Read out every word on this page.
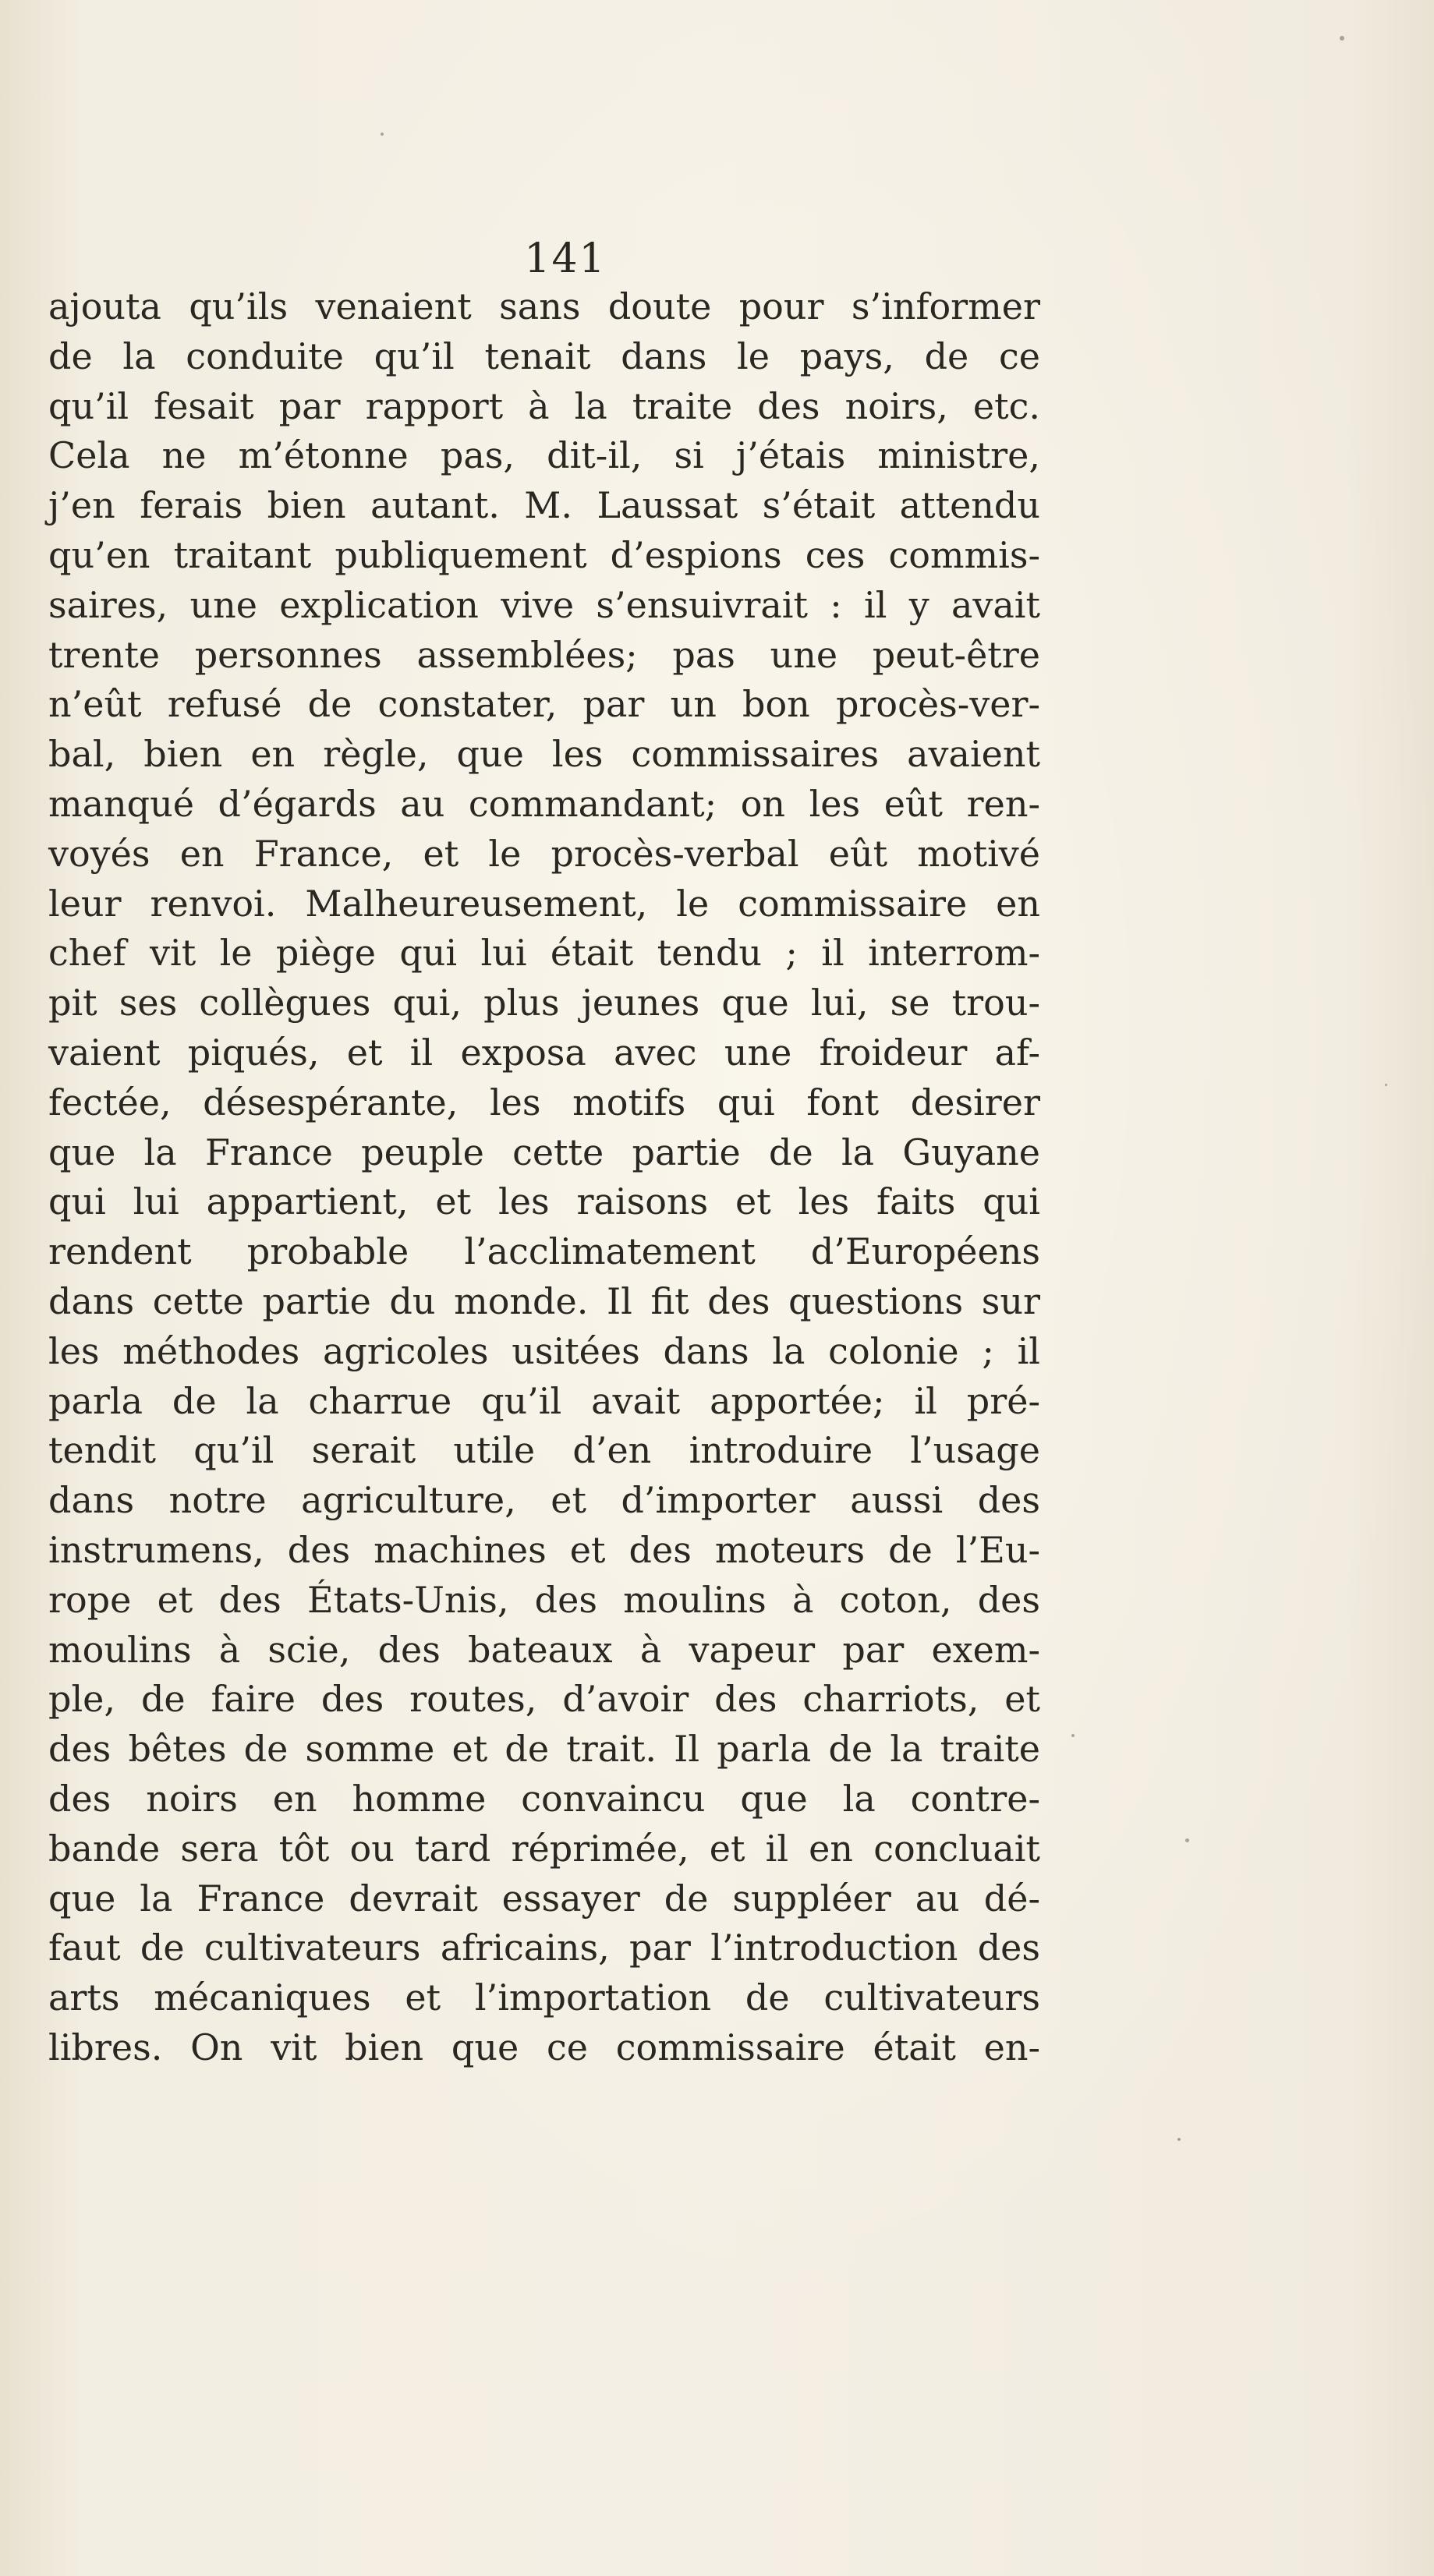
141
ajouta qu’ils venaient sans doute pour s’informer
de la conduite qu’il tenait dans le pays, de ce
qu’il fesait par rapport à la traite des noirs, etc.
Cela ne m’étonne pas, dit-il, si j’étais ministre,
j’en ferais bien autant. M. Laussat s’était attendu
qu’en traitant publiquement d’espions ces commis-
saires, une explication vive s’ensuivrait : il y avait
trente personnes assemblées; pas une peut-être
n’eût refusé de constater, par un bon procès-ver-
bal, bien en règle, que les commissaires avaient
manqué d’égards au commandant; on les eût ren-
voyés en France, et le procès-verbal eût motivé
leur renvoi. Malheureusement, le commissaire en
chef vit le piège qui lui était tendu ; il interrom-
pit ses collègues qui, plus jeunes que lui, se trou-
vaient piqués, et il exposa avec une froideur af-
fectée, désespérante, les motifs qui font desirer
que la France peuple cette partie de la Guyane
qui lui appartient, et les raisons et les faits qui
rendent probable l’acclimatement d’Européens
dans cette partie du monde. Il fit des questions sur
les méthodes agricoles usitées dans la colonie ; il
parla de la charrue qu’il avait apportée; il pré-
tendit qu’il serait utile d’en introduire l’usage
dans notre agriculture, et d’importer aussi des
instrumens, des machines et des moteurs de l’Eu-
rope et des États-Unis, des moulins à coton, des
moulins à scie, des bateaux à vapeur par exem-
ple, de faire des routes, d’avoir des charriots, et
des bêtes de somme et de trait. Il parla de la traite
des noirs en homme convaincu que la contre-
bande sera tôt ou tard réprimée, et il en concluait
que la France devrait essayer de suppléer au dé-
faut de cultivateurs africains, par l’introduction des
arts mécaniques et l’importation de cultivateurs
libres. On vit bien que ce commissaire était en-
